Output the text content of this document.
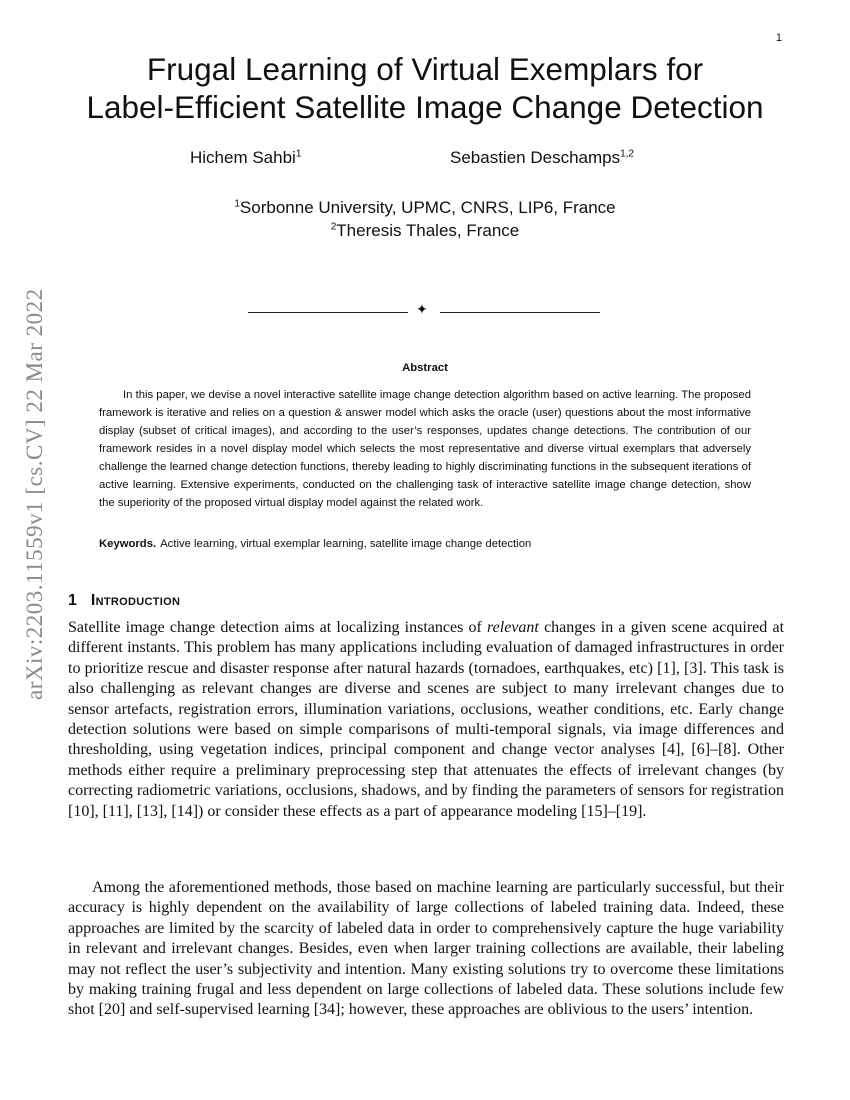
1
arXiv:2203.11559v1 [cs.CV] 22 Mar 2022
Frugal Learning of Virtual Exemplars for
Label-Efficient Satellite Image Change Detection
Hichem Sahbi$^1$	Sebastien Deschamps$^{1,2}$
$^1$Sorbonne University, UPMC, CNRS, LIP6, France
$^2$Theresis Thales, France
✦
Abstract

In this paper, we devise a novel interactive satellite image change detection algorithm based on active learning. The proposed framework is iterative and relies on a question & answer model which asks the oracle (user) questions about the most informative display (subset of critical images), and according to the user’s responses, updates change detections. The contribution of our framework resides in a novel display model which selects the most representative and diverse virtual exemplars that adversely challenge the learned change detection functions, thereby leading to highly discriminating functions in the subsequent iterations of active learning. Extensive experiments, conducted on the challenging task of interactive satellite image change detection, show the superiority of the proposed virtual display model against the related work.

Keywords. Active learning, virtual exemplar learning, satellite image change detection
1 Introduction

Satellite image change detection aims at localizing instances of relevant changes in a given scene acquired at different instants. This problem has many applications including evaluation of damaged infrastructures in order to prioritize rescue and disaster response after natural hazards (tornadoes, earthquakes, etc) [1], [3]. This task is also challenging as relevant changes are diverse and scenes are subject to many irrelevant changes due to sensor artefacts, registration errors, illumination variations, occlusions, weather conditions, etc. Early change detection solutions were based on simple comparisons of multi-temporal signals, via image differences and thresholding, using vegetation indices, principal component and change vector analyses [4], [6]–[8]. Other methods either require a preliminary preprocessing step that attenuates the effects of irrelevant changes (by correcting radiometric variations, occlusions, shadows, and by finding the parameters of sensors for registration [10], [11], [13], [14]) or consider these effects as a part of appearance modeling [15]–[19].

Among the aforementioned methods, those based on machine learning are particularly successful, but their accuracy is highly dependent on the availability of large collections of labeled training data. Indeed, these approaches are limited by the scarcity of labeled data in order to comprehensively capture the huge variability in relevant and irrelevant changes. Besides, even when larger training collections are available, their labeling may not reflect the user’s subjectivity and intention. Many existing solutions try to overcome these limitations by making training frugal and less dependent on large collections of labeled data. These solutions include few shot [20] and self-supervised learning [34]; however, these approaches are oblivious to the users’ intention.
